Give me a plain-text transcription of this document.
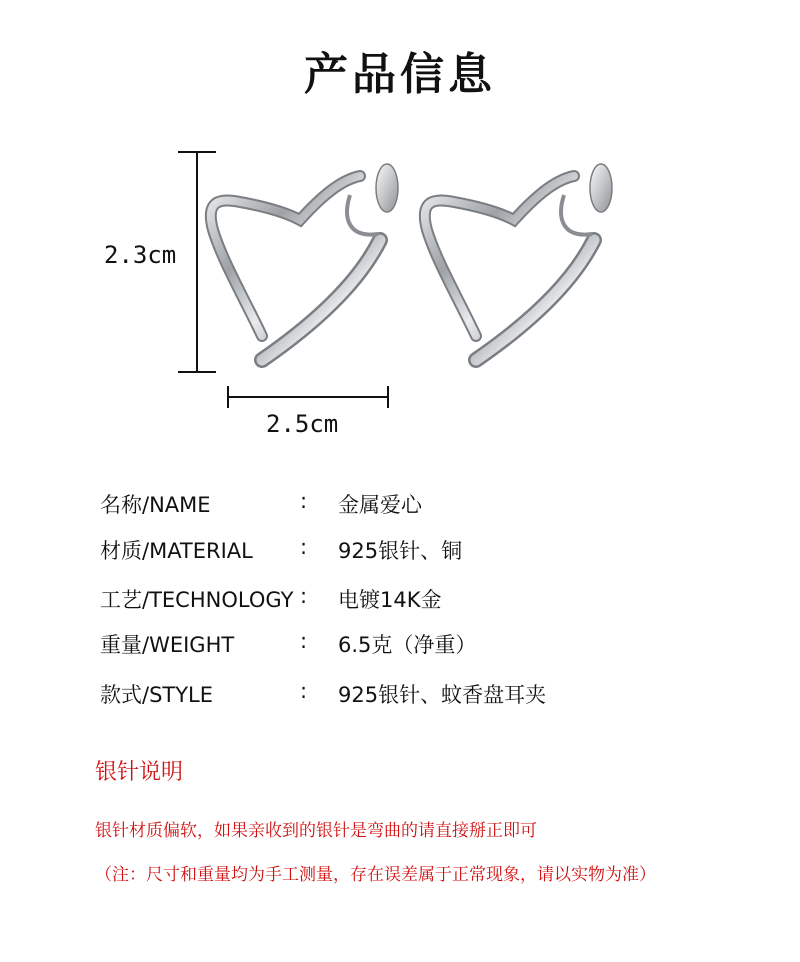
产品信息
2.3cm
2.5cm
名称/NAME	: 金属爱心
材质/MATERIAL : 925银针、铜
工艺/TECHNOLOGY : 电镀14K金
重量/WEIGHT	: 6.5克（净重）
款式/STYLE	: 925银针、蚊香盘耳夹
银针说明
银针材质偏软，如果亲收到的银针是弯曲的请直接掰正即可
（注：尺寸和重量均为手工测量，存在误差属于正常现象，请以实物为准）
